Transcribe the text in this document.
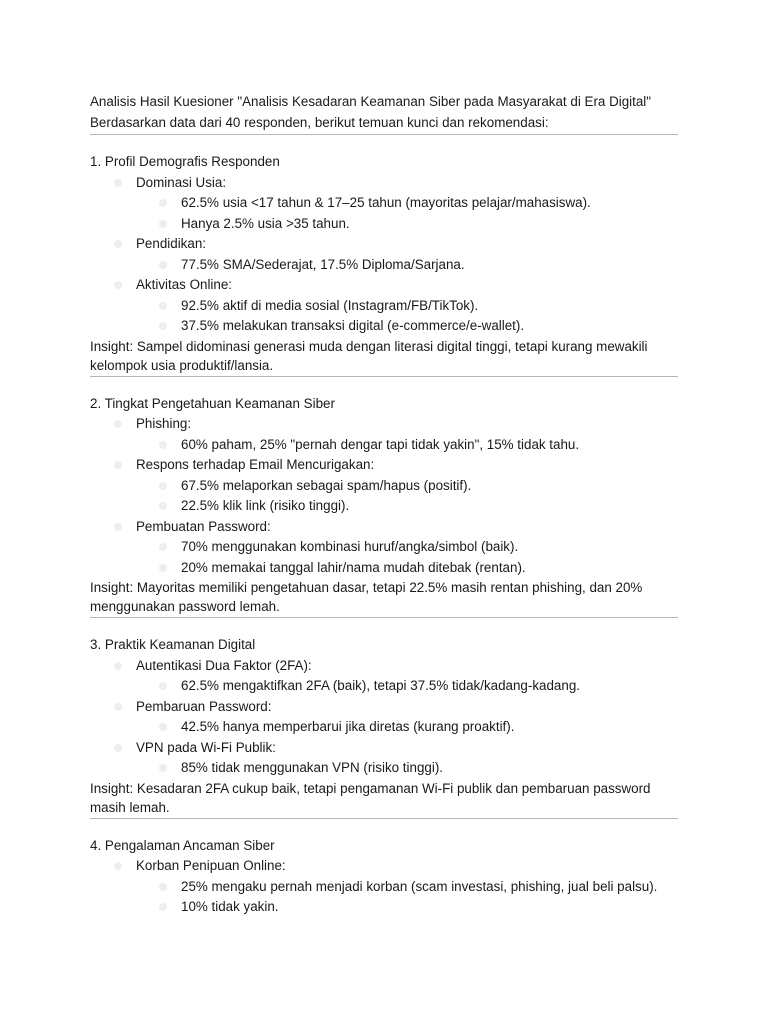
Analisis Hasil Kuesioner "Analisis Kesadaran Keamanan Siber pada Masyarakat di Era Digital"
Berdasarkan data dari 40 responden, berikut temuan kunci dan rekomendasi:
1. Profil Demografis Responden
Dominasi Usia:
62.5% usia <17 tahun & 17–25 tahun (mayoritas pelajar/mahasiswa).
Hanya 2.5% usia >35 tahun.
Pendidikan:
77.5% SMA/Sederajat, 17.5% Diploma/Sarjana.
Aktivitas Online:
92.5% aktif di media sosial (Instagram/FB/TikTok).
37.5% melakukan transaksi digital (e-commerce/e-wallet).
Insight: Sampel didominasi generasi muda dengan literasi digital tinggi, tetapi kurang mewakili
kelompok usia produktif/lansia.
2. Tingkat Pengetahuan Keamanan Siber
Phishing:
60% paham, 25% "pernah dengar tapi tidak yakin", 15% tidak tahu.
Respons terhadap Email Mencurigakan:
67.5% melaporkan sebagai spam/hapus (positif).
22.5% klik link (risiko tinggi).
Pembuatan Password:
70% menggunakan kombinasi huruf/angka/simbol (baik).
20% memakai tanggal lahir/nama mudah ditebak (rentan).
Insight: Mayoritas memiliki pengetahuan dasar, tetapi 22.5% masih rentan phishing, dan 20%
menggunakan password lemah.
3. Praktik Keamanan Digital
Autentikasi Dua Faktor (2FA):
62.5% mengaktifkan 2FA (baik), tetapi 37.5% tidak/kadang-kadang.
Pembaruan Password:
42.5% hanya memperbarui jika diretas (kurang proaktif).
VPN pada Wi-Fi Publik:
85% tidak menggunakan VPN (risiko tinggi).
Insight: Kesadaran 2FA cukup baik, tetapi pengamanan Wi-Fi publik dan pembaruan password
masih lemah.
4. Pengalaman Ancaman Siber
Korban Penipuan Online:
25% mengaku pernah menjadi korban (scam investasi, phishing, jual beli palsu).
10% tidak yakin.
